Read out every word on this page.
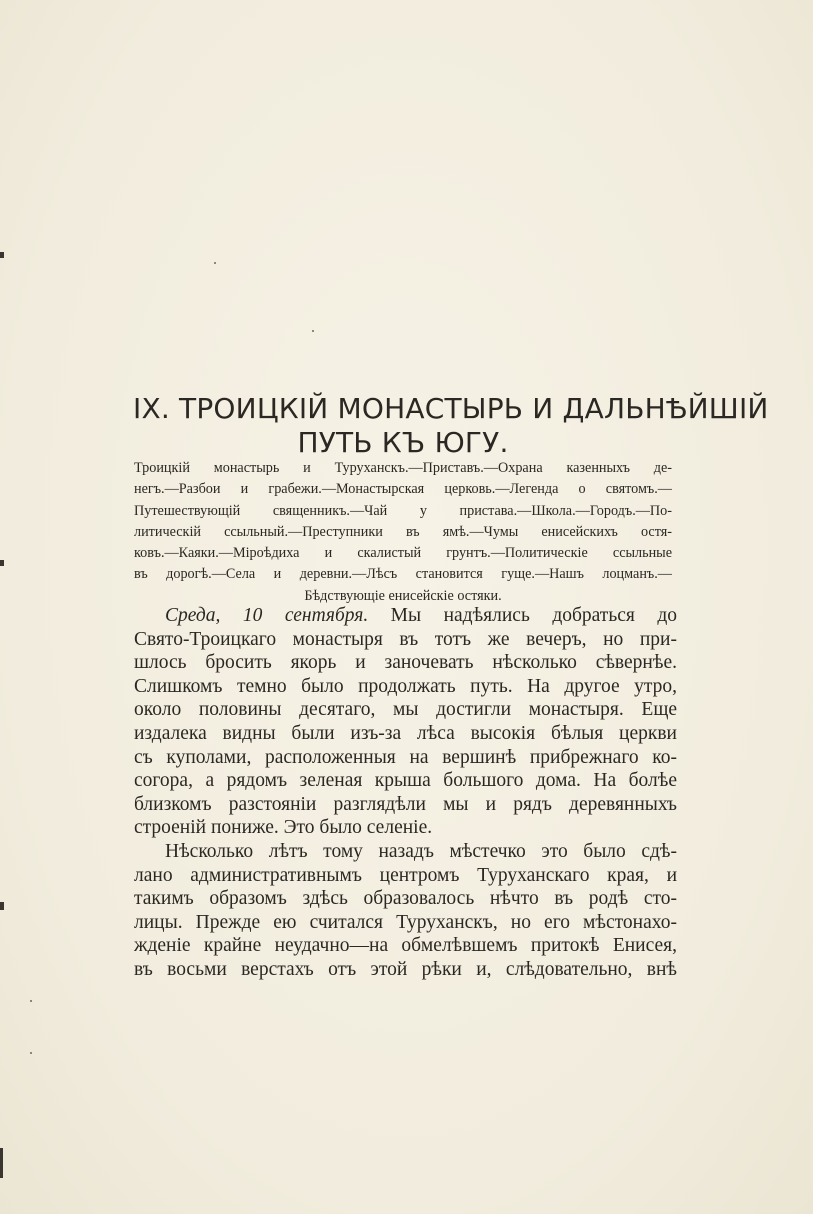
IX. ТРОИЦКІЙ МОНАСТЫРЬ И ДАЛЬНѢЙШІЙ
ПУТЬ КЪ ЮГУ.
Троицкій монастырь и Туруханскъ.—Приставъ.—Охрана казенныхъ де-
негъ.—Разбои и грабежи.—Монастырская церковь.—Легенда о святомъ.—
Путешествующій священникъ.—Чай у пристава.—Школа.—Городъ.—По-
литическій ссыльный.—Преступники въ ямѣ.—Чумы енисейскихъ остя-
ковъ.—Каяки.—Міроѣдиха и скалистый грунтъ.—Политическіе ссыльные
въ дорогѣ.—Села и деревни.—Лѣсъ становится гуще.—Нашъ лоцманъ.—
Бѣдствующіе енисейскіе остяки.
Среда, 10 сентября. Мы надѣялись добраться до
Свято-Троицкаго монастыря въ тотъ же вечеръ, но при-
шлось бросить якорь и заночевать нѣсколько сѣвернѣе.
Слишкомъ темно было продолжать путь. На другое утро,
около половины десятаго, мы достигли монастыря. Еще
издалека видны были изъ-за лѣса высокія бѣлыя церкви
съ куполами, расположенныя на вершинѣ прибрежнаго ко-
согора, а рядомъ зеленая крыша большого дома. На болѣе
близкомъ разстояніи разглядѣли мы и рядъ деревянныхъ
строеній пониже. Это было селеніе.
Нѣсколько лѣтъ тому назадъ мѣстечко это было сдѣ-
лано административнымъ центромъ Туруханскаго края, и
такимъ образомъ здѣсь образовалось нѣчто въ родѣ сто-
лицы. Прежде ею считался Туруханскъ, но его мѣстонахо-
жденіе крайне неудачно—на обмелѣвшемъ притокѣ Енисея,
въ восьми верстахъ отъ этой рѣки и, слѣдовательно, внѣ
